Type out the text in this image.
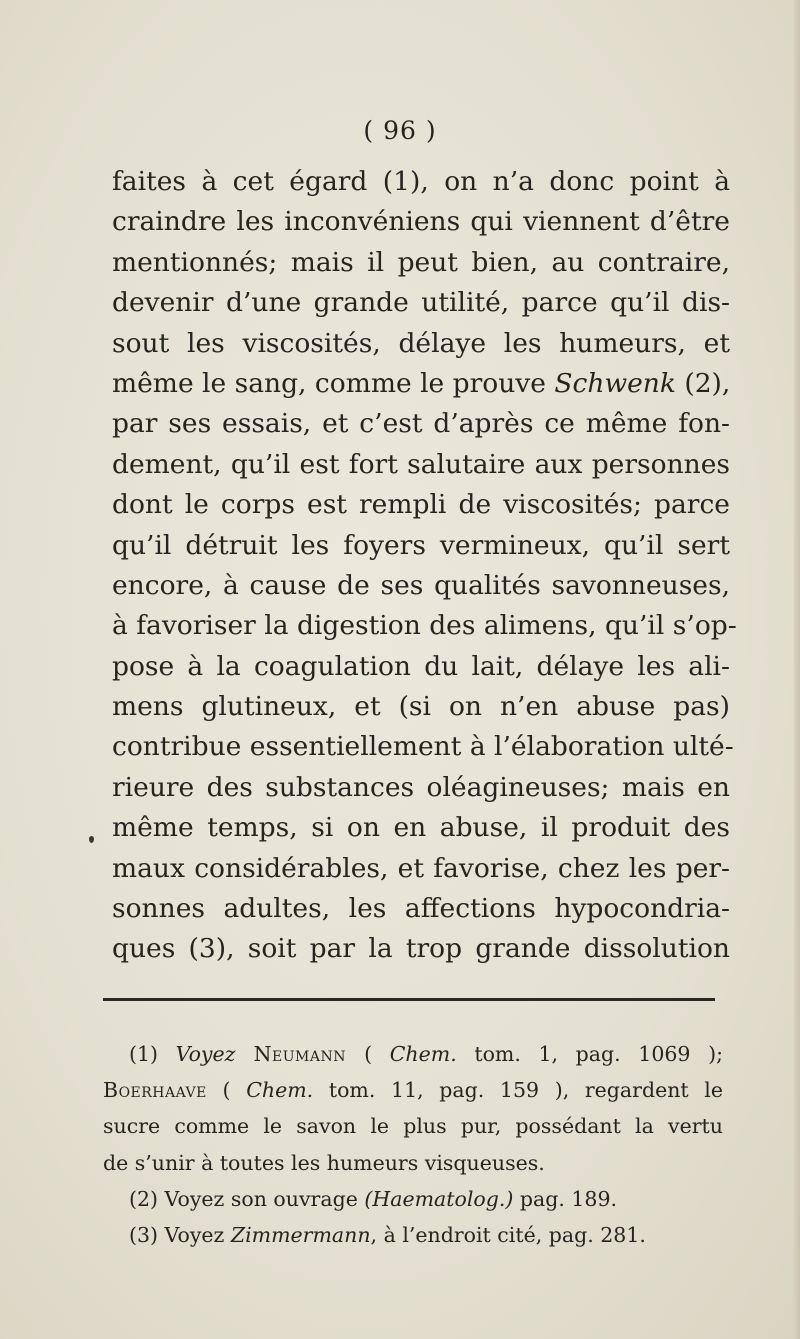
( 96 )
faites à cet égard (1), on n’a donc point à
craindre les inconvéniens qui viennent d’être
mentionnés; mais il peut bien, au contraire,
devenir d’une grande utilité, parce qu’il dis-
sout les viscosités, délaye les humeurs, et
même le sang, comme le prouve Schwenk (2),
par ses essais, et c’est d’après ce même fon-
dement, qu’il est fort salutaire aux personnes
dont le corps est rempli de viscosités; parce
qu’il détruit les foyers vermineux, qu’il sert
encore, à cause de ses qualités savonneuses,
à favoriser la digestion des alimens, qu’il s’op-
pose à la coagulation du lait, délaye les ali-
mens glutineux, et (si on n’en abuse pas)
contribue essentiellement à l’élaboration ulté-
rieure des substances oléagineuses; mais en
même temps, si on en abuse, il produit des
maux considérables, et favorise, chez les per-
sonnes adultes, les affections hypocondria-
ques (3), soit par la trop grande dissolution
(1) Voyez Neumann ( Chem. tom. 1, pag. 1069 );
Boerhaave ( Chem. tom. 11, pag. 159 ), regardent le
sucre comme le savon le plus pur, possédant la vertu
de s’unir à toutes les humeurs visqueuses.
(2) Voyez son ouvrage (Haematolog.) pag. 189.
(3) Voyez Zimmermann, à l’endroit cité, pag. 281.
